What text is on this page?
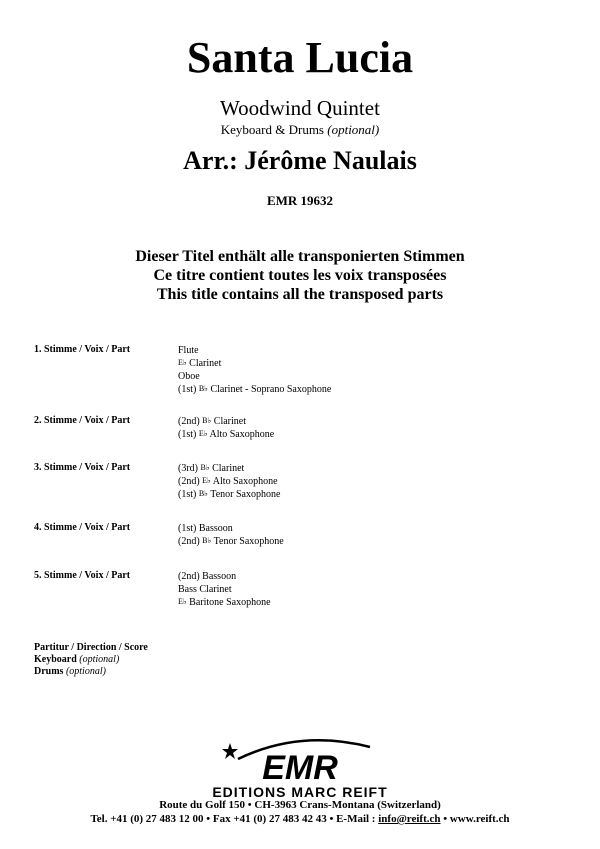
Santa Lucia
Woodwind Quintet
Keyboard & Drums (optional)
Arr.: Jérôme Naulais
EMR 19632
Dieser Titel enthält alle transponierten Stimmen
Ce titre contient toutes les voix transposées
This title contains all the transposed parts
1. Stimme / Voix / Part	Flute
E♭ Clarinet
Oboe
(1st) B♭ Clarinet - Soprano Saxophone
2. Stimme / Voix / Part	(2nd) B♭ Clarinet
(1st) E♭ Alto Saxophone
3. Stimme / Voix / Part	(3rd) B♭ Clarinet
(2nd) E♭ Alto Saxophone
(1st) B♭ Tenor Saxophone
4. Stimme / Voix / Part	(1st) Bassoon
(2nd) B♭ Tenor Saxophone
5. Stimme / Voix / Part	(2nd) Bassoon
Bass Clarinet
E♭ Baritone Saxophone
Partitur / Direction / Score
Keyboard (optional)
Drums (optional)
EMR
EDITIONS MARC REIFT
Route du Golf 150 • CH-3963 Crans-Montana (Switzerland)
Tel. +41 (0) 27 483 12 00 • Fax +41 (0) 27 483 42 43 • E-Mail : info@reift.ch • www.reift.ch
